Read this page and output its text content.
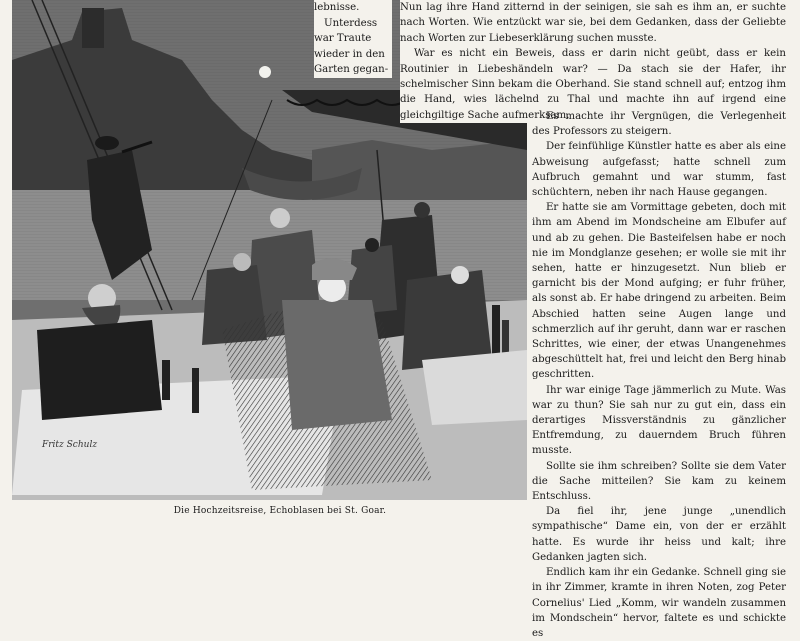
Fritz Schulz
lebnisse.
Unterdess
war Traute
wieder in den
Garten gegan-

Nun lag ihre Hand zitternd in der seinigen, sie sah es ihm an, er suchte nach Worten. Wie entzückt war sie, bei dem Gedanken, dass der Geliebte nach Worten zur Liebeserklärung suchen musste.

War es nicht ein Beweis, dass er darin nicht geübt, dass er kein Routinier in Liebeshändeln war? — Da stach sie der Hafer, ihr schelmischer Sinn bekam die Oberhand. Sie stand schnell auf; entzog ihm die Hand, wies lächelnd zu Thal und machte ihn auf irgend eine gleichgiltige Sache aufmerksam.

Es machte ihr Vergnügen, die Verlegenheit des Professors zu steigern.

Der feinfühlige Künstler hatte es aber als eine Abweisung aufgefasst; hatte schnell zum Aufbruch gemahnt und war stumm, fast schüchtern, neben ihr nach Hause gegangen.

Er hatte sie am Vormittage gebeten, doch mit ihm am Abend im Mondscheine am Elbufer auf und ab zu gehen. Die Basteifelsen habe er noch nie im Mondglanze gesehen; er wolle sie mit ihr sehen, hatte er hinzugesetzt. Nun blieb er garnicht bis der Mond aufging; er fuhr früher, als sonst ab. Er habe dringend zu arbeiten. Beim Abschied hatten seine Augen lange und schmerzlich auf ihr geruht, dann war er raschen Schrittes, wie einer, der etwas Unangenehmes abgeschüttelt hat, frei und leicht den Berg hinab geschritten.

Ihr war einige Tage jämmerlich zu Mute. Was war zu thun? Sie sah nur zu gut ein, dass ein derartiges Missverständnis zu gänzlicher Entfremdung, zu dauerndem Bruch führen musste.

Sollte sie ihm schreiben? Sollte sie dem Vater die Sache mitteilen? Sie kam zu keinem Entschluss.

Da fiel ihr, jene junge „unendlich sympathische“ Dame ein, von der er erzählt hatte. Es wurde ihr heiss und kalt; ihre Gedanken jagten sich.

Endlich kam ihr ein Gedanke. Schnell ging sie in ihr Zimmer, kramte in ihren Noten, zog Peter Cornelius' Lied „Komm, wir wandeln zusammen im Mondschein“ hervor, faltete es und schickte es

Die Hochzeitsreise, Echoblasen bei St. Goar.
